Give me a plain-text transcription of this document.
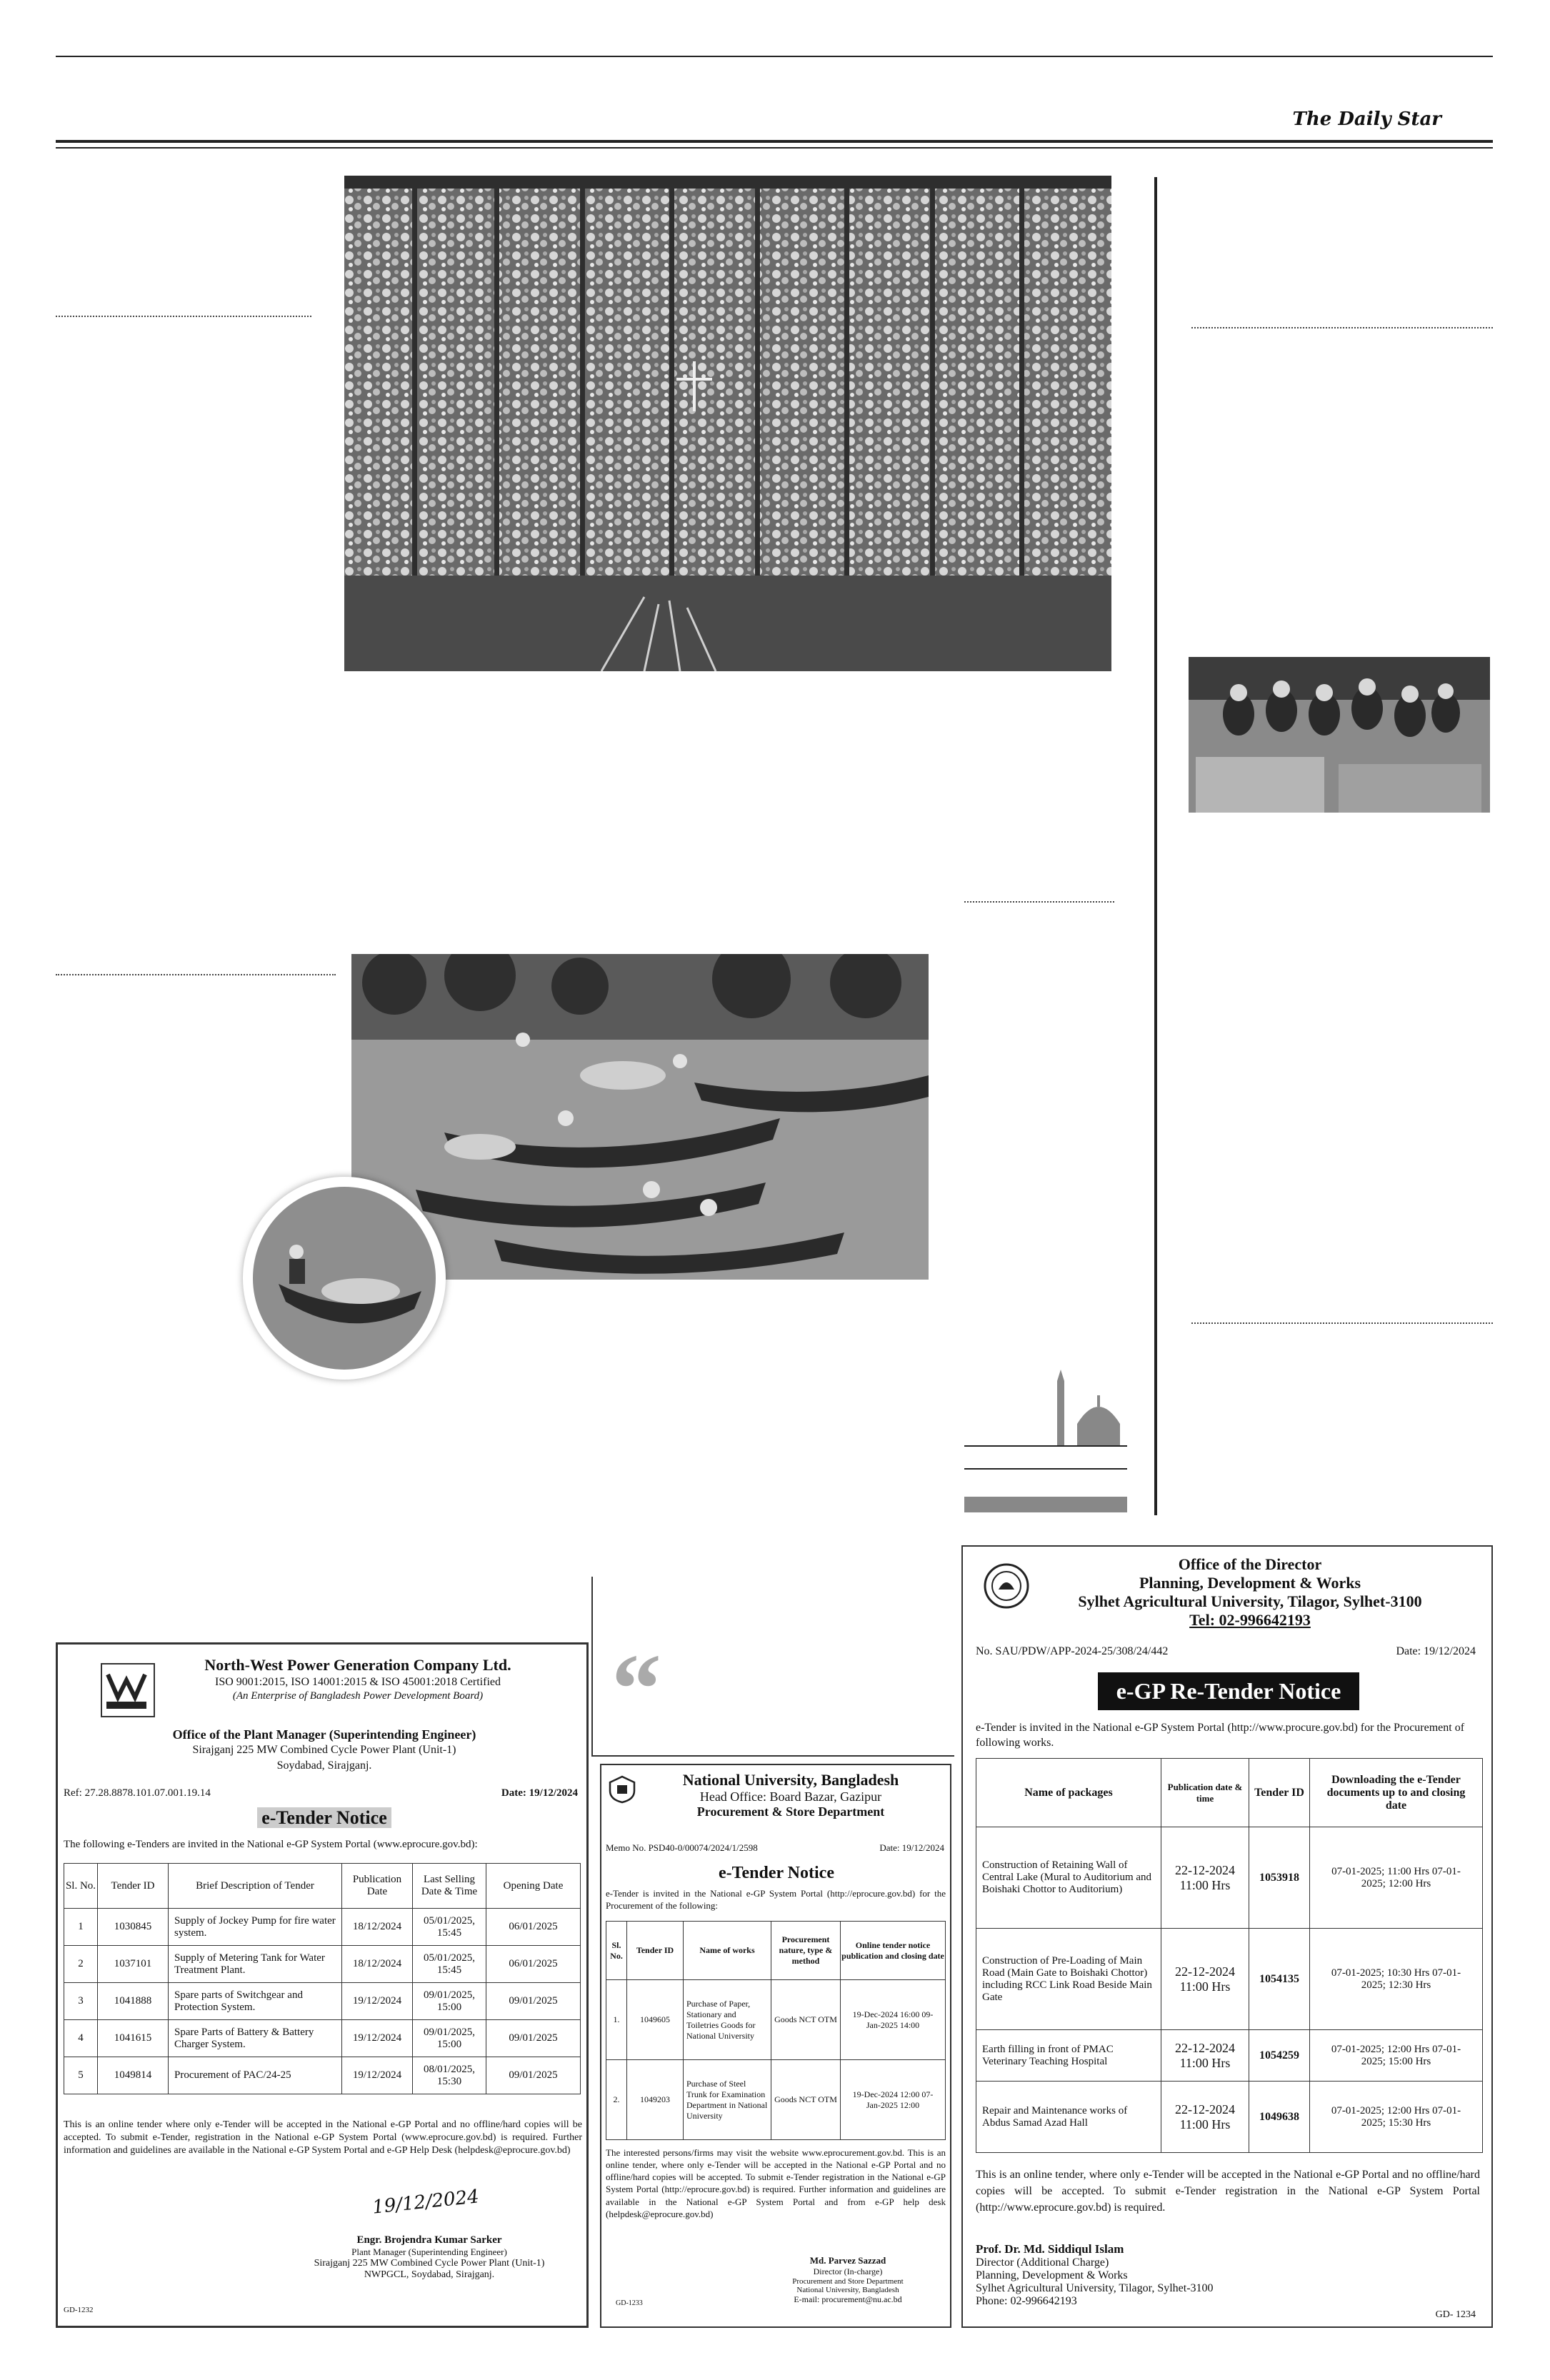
The Daily Star
“
North-West Power Generation Company Ltd.
ISO 9001:2015, ISO 14001:2015 & ISO 45001:2018 Certified
(An Enterprise of Bangladesh Power Development Board)
Office of the Plant Manager (Superintending Engineer)
Sirajganj 225 MW Combined Cycle Power Plant (Unit-1)
Soydabad, Sirajganj.
Ref: 27.28.8878.101.07.001.19.14	Date: 19/12/2024
e-Tender Notice
The following e-Tenders are invited in the National e-GP System Portal (www.eprocure.gov.bd):
Sl. No.	Tender ID	Brief Description of Tender	Publication Date	Last Selling Date & Time	Opening Date
1	1030845	Supply of Jockey Pump for fire water system.	18/12/2024	05/01/2025, 15:45	06/01/2025
2	1037101	Supply of Metering Tank for Water Treatment Plant.	18/12/2024	05/01/2025, 15:45	06/01/2025
3	1041888	Spare parts of Switchgear and Protection System.	19/12/2024	09/01/2025, 15:00	09/01/2025
4	1041615	Spare Parts of Battery & Battery Charger System.	19/12/2024	09/01/2025, 15:00	09/01/2025
5	1049814	Procurement of PAC/24-25	19/12/2024	08/01/2025, 15:30	09/01/2025
This is an online tender where only e-Tender will be accepted in the National e-GP Portal and no offline/hard copies will be accepted. To submit e-Tender, registration in the National e-GP System Portal (www.eprocure.gov.bd) is required. Further information and guidelines are available in the National e-GP System Portal and e-GP Help Desk (helpdesk@eprocure.gov.bd)
19/12/2024
Engr. Brojendra Kumar Sarker
Plant Manager (Superintending Engineer)
Sirajganj 225 MW Combined Cycle Power Plant (Unit-1)
NWPGCL, Soydabad, Sirajganj.
GD-1232
National University, Bangladesh
Head Office: Board Bazar, Gazipur
Procurement & Store Department
Memo No. PSD40-0/00074/2024/1/2598	Date: 19/12/2024
e-Tender Notice
e-Tender is invited in the National e-GP System Portal (http://eprocure.gov.bd) for the Procurement of the following:
Sl. No.	Tender ID	Name of works	Procurement nature, type & method	Online tender notice publication and closing date
1.	1049605	Purchase of Paper, Stationary and Toiletries Goods for National University	Goods NCT OTM	19-Dec-2024 16:00 09-Jan-2025 14:00
2.	1049203	Purchase of Steel Trunk for Examination Department in National University	Goods NCT OTM	19-Dec-2024 12:00 07-Jan-2025 12:00
The interested persons/firms may visit the website www.eprocurement.gov.bd. This is an online tender, where only e-Tender will be accepted in the National e-GP Portal and no offline/hard copies will be accepted. To submit e-Tender registration in the National e-GP System Portal (http://eprocure.gov.bd) is required. Further information and guidelines are available in the National e-GP System Portal and from e-GP help desk (helpdesk@eprocure.gov.bd)
Md. Parvez Sazzad
Director (In-charge)
Procurement and Store Department
National University, Bangladesh
E-mail: procurement@nu.ac.bd
GD-1233
Office of the Director
Planning, Development & Works
Sylhet Agricultural University, Tilagor, Sylhet-3100
Tel: 02-996642193
No. SAU/PDW/APP-2024-25/308/24/442	Date: 19/12/2024
e-GP Re-Tender Notice
e-Tender is invited in the National e-GP System Portal (http://www.procure.gov.bd) for the Procurement of following works.
Name of packages	Publication date & time	Tender ID	Downloading the e-Tender documents up to and closing date
Construction of Retaining Wall of Central Lake (Mural to Auditorium and Boishaki Chottor to Auditorium)	22-12-2024 11:00 Hrs	1053918	07-01-2025; 11:00 Hrs 07-01-2025; 12:00 Hrs
Construction of Pre-Loading of Main Road (Main Gate to Boishaki Chottor) including RCC Link Road Beside Main Gate	22-12-2024 11:00 Hrs	1054135	07-01-2025; 10:30 Hrs 07-01-2025; 12:30 Hrs
Earth filling in front of PMAC Veterinary Teaching Hospital	22-12-2024 11:00 Hrs	1054259	07-01-2025; 12:00 Hrs 07-01-2025; 15:00 Hrs
Repair and Maintenance works of Abdus Samad Azad Hall	22-12-2024 11:00 Hrs	1049638	07-01-2025; 12:00 Hrs 07-01-2025; 15:30 Hrs
This is an online tender, where only e-Tender will be accepted in the National e-GP Portal and no offline/hard copies will be accepted. To submit e-Tender registration in the National e-GP System Portal (http://www.eprocure.gov.bd) is required.
Prof. Dr. Md. Siddiqul Islam
Director (Additional Charge)
Planning, Development & Works
Sylhet Agricultural University, Tilagor, Sylhet-3100
Phone: 02-996642193
GD- 1234
